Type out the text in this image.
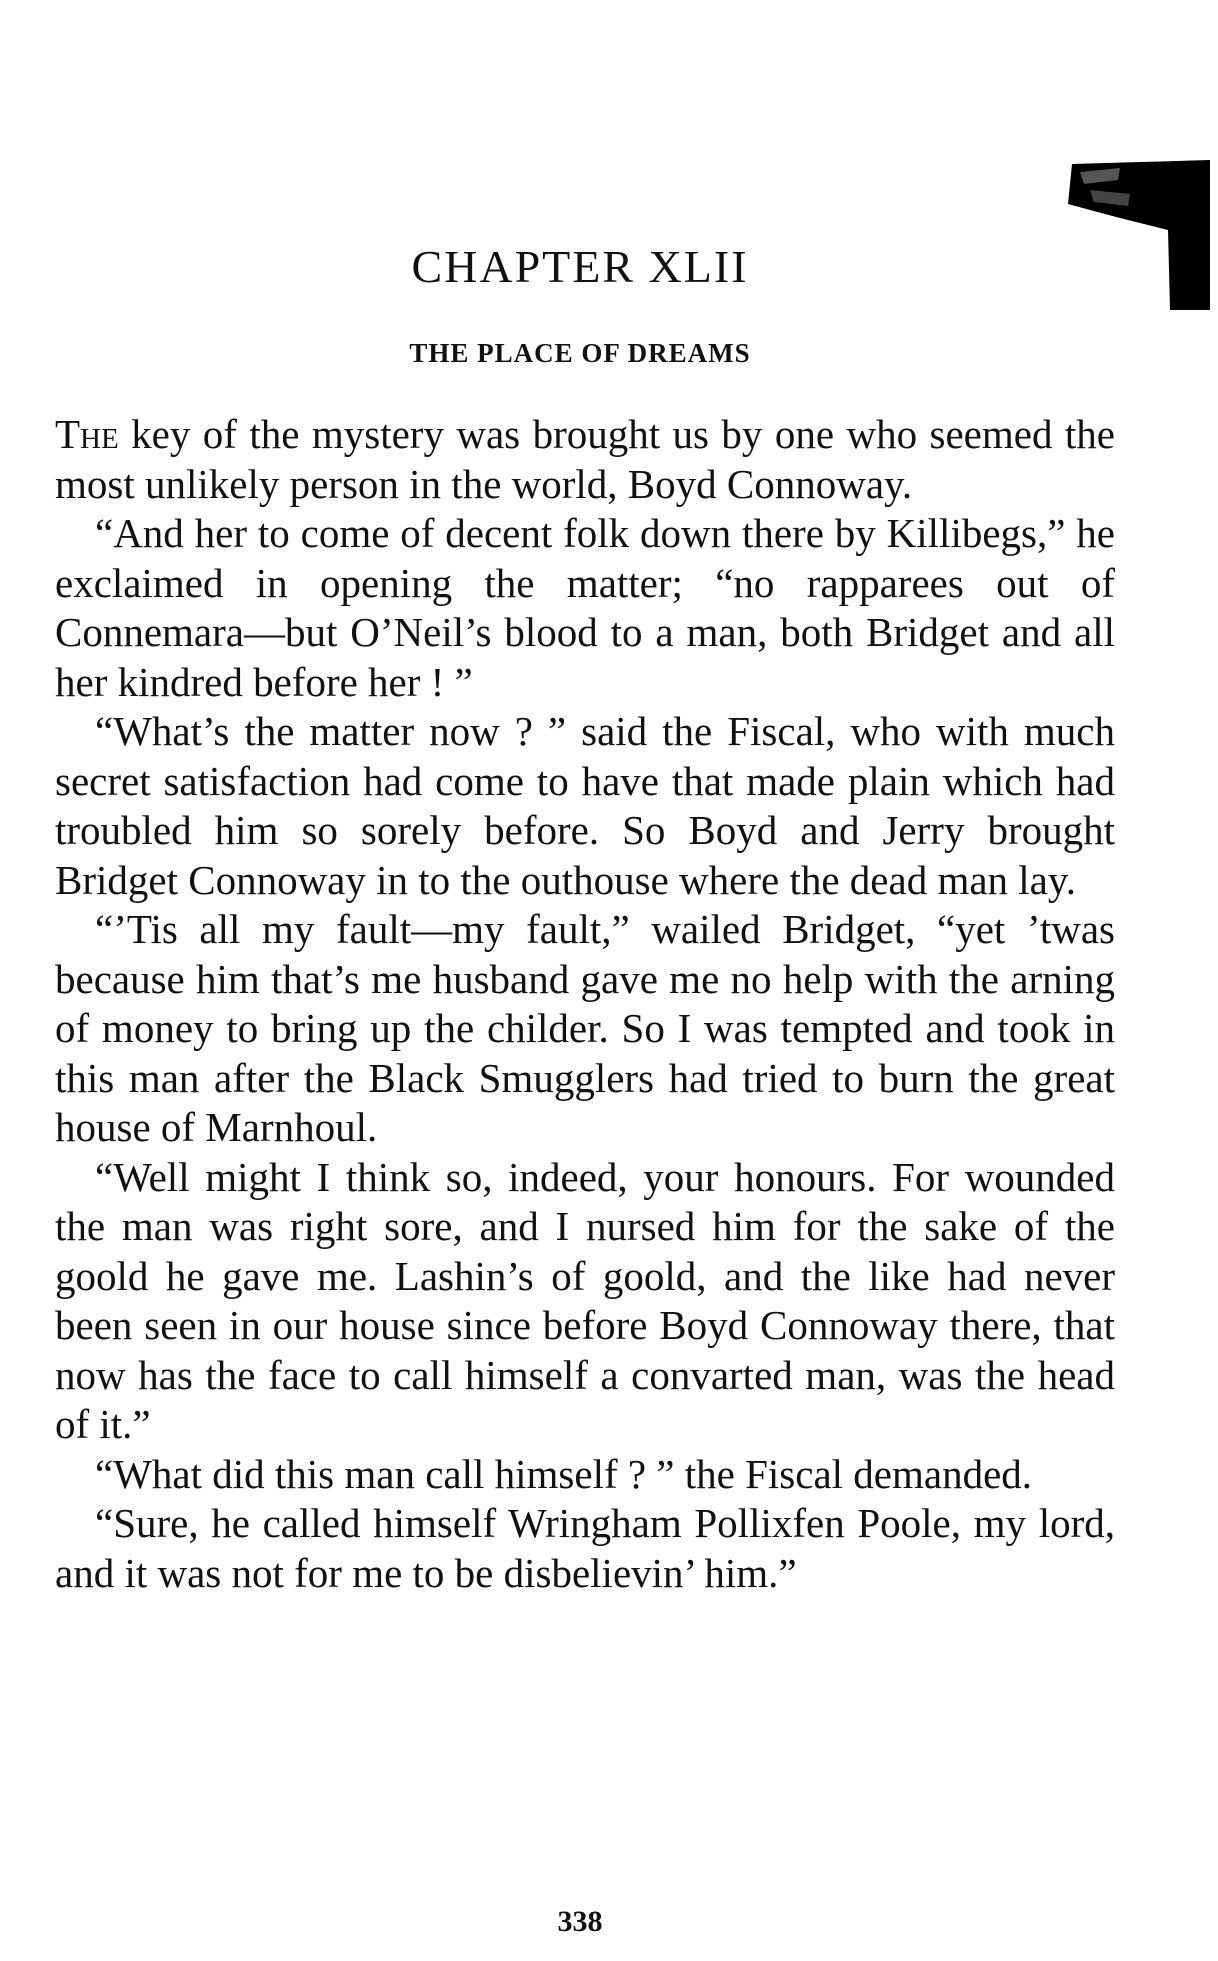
CHAPTER XLII
THE PLACE OF DREAMS

The key of the mystery was brought us by one who seemed the most unlikely person in the world, Boyd Connoway.

“And her to come of decent folk down there by Killibegs,” he exclaimed in opening the matter; “no rapparees out of Connemara—but O’Neil’s blood to a man, both Bridget and all her kindred before her ! ”

“What’s the matter now ? ” said the Fiscal, who with much secret satisfaction had come to have that made plain which had troubled him so sorely before. So Boyd and Jerry brought Bridget Connoway in to the outhouse where the dead man lay.

“’Tis all my fault—my fault,” wailed Bridget, “yet ’twas because him that’s me husband gave me no help with the arning of money to bring up the childer. So I was tempted and took in this man after the Black Smugglers had tried to burn the great house of Marnhoul.

“Well might I think so, indeed, your honours. For wounded the man was right sore, and I nursed him for the sake of the goold he gave me. Lashin’s of goold, and the like had never been seen in our house since before Boyd Connoway there, that now has the face to call himself a convarted man, was the head of it.”

“What did this man call himself ? ” the Fiscal demanded.

“Sure, he called himself Wringham Pollixfen Poole, my lord, and it was not for me to be disbelievin’ him.”

338
